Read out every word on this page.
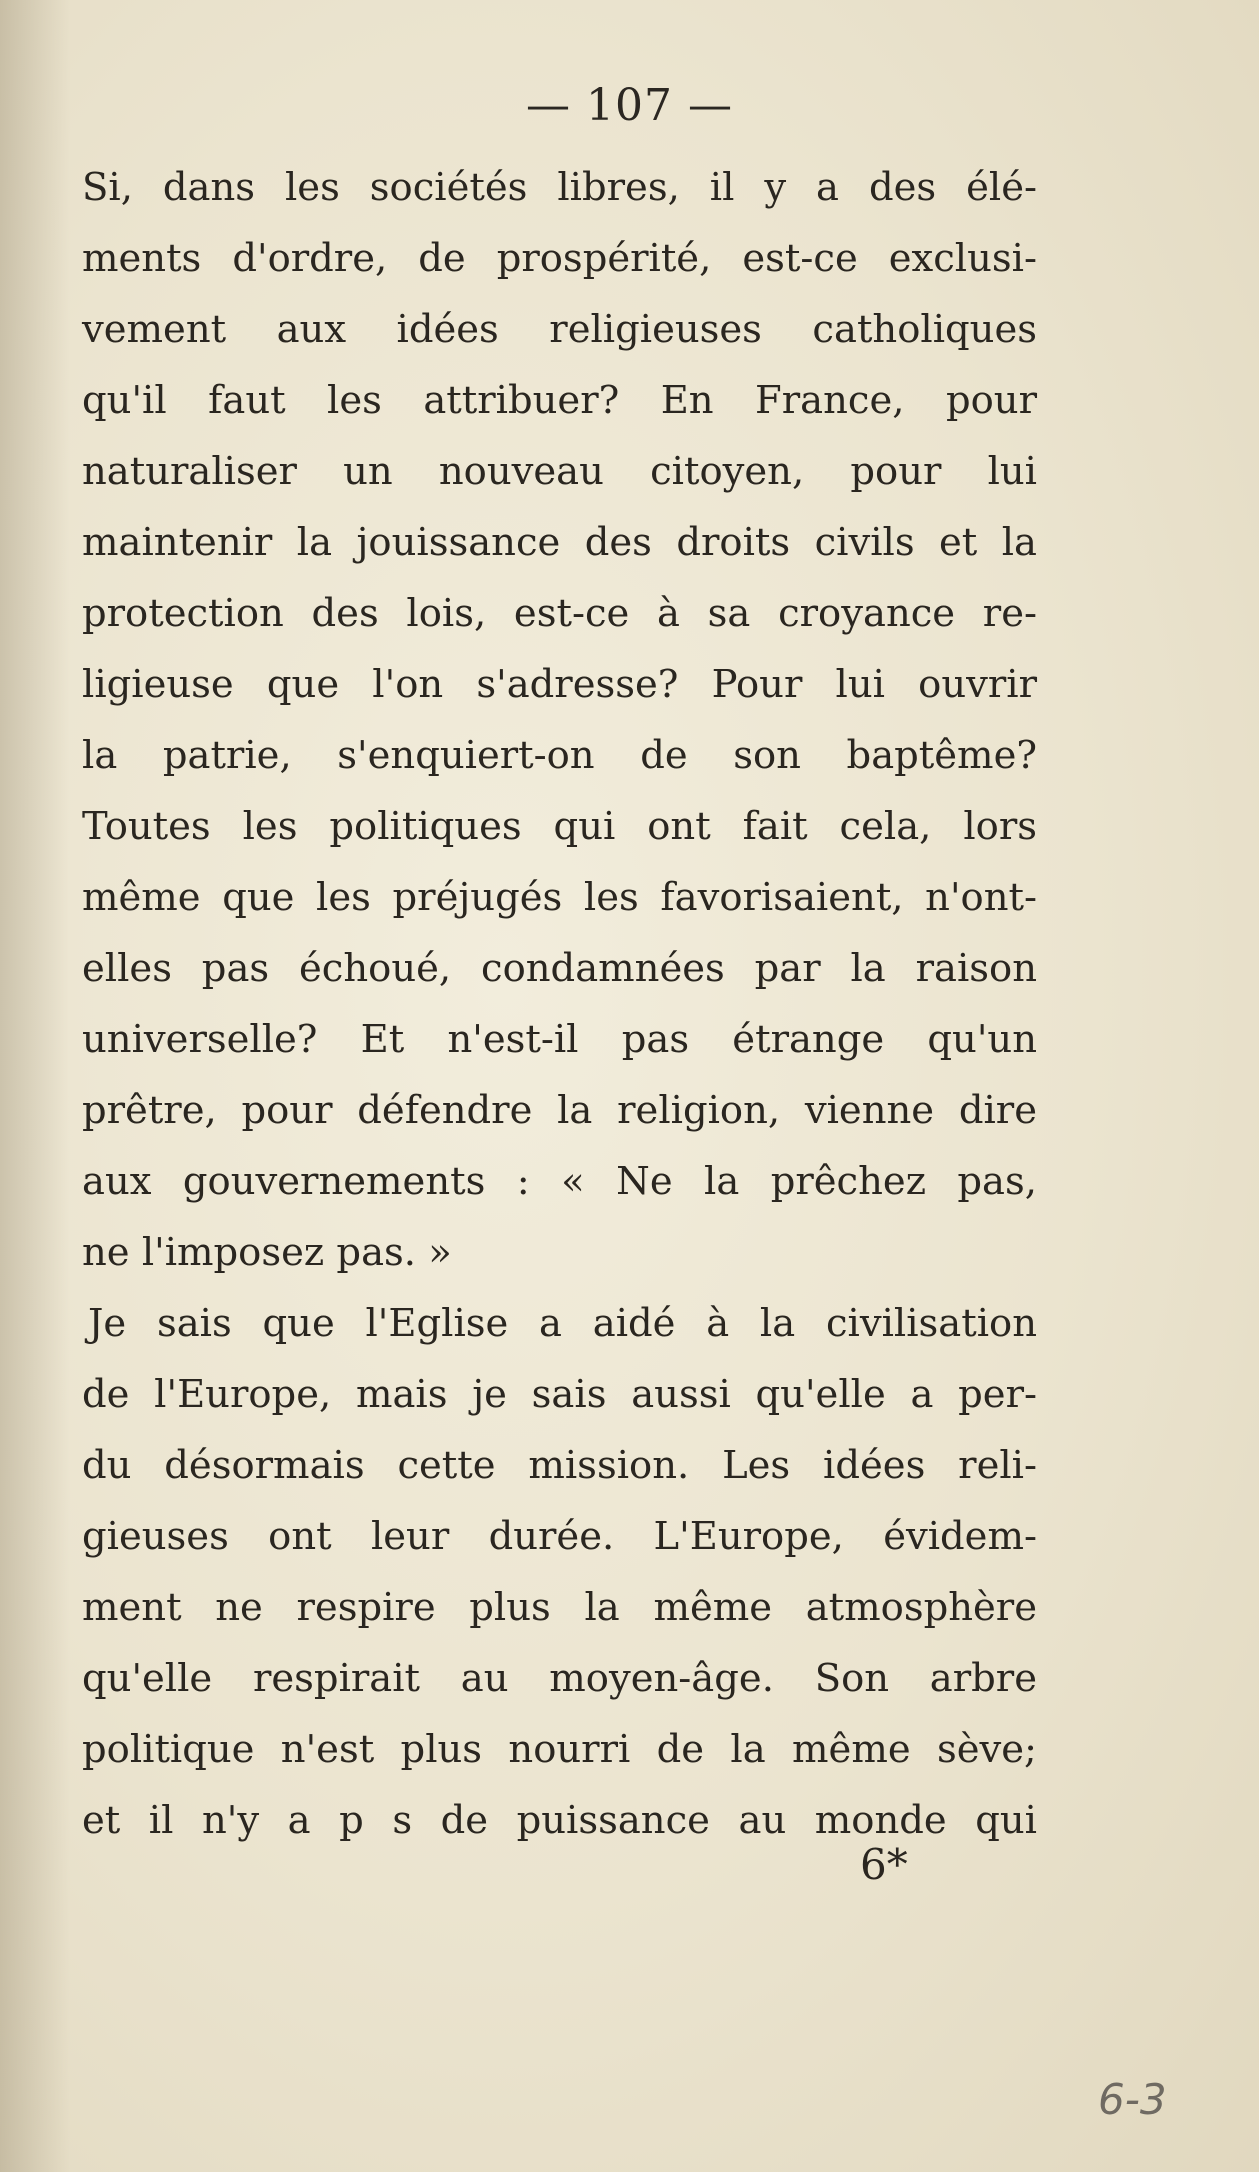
— 107 —
Si, dans les sociétés libres, il y a des élé-
ments d'ordre, de prospérité, est-ce exclusi-
vement aux idées religieuses catholiques
qu'il faut les attribuer? En France, pour
naturaliser un nouveau citoyen, pour lui
maintenir la jouissance des droits civils et la
protection des lois, est-ce à sa croyance re-
ligieuse que l'on s'adresse? Pour lui ouvrir
la patrie, s'enquiert-on de son baptême?
Toutes les politiques qui ont fait cela, lors
même que les préjugés les favorisaient, n'ont-
elles pas échoué, condamnées par la raison
universelle? Et n'est-il pas étrange qu'un
prêtre, pour défendre la religion, vienne dire
aux gouvernements : « Ne la prêchez pas,
ne l'imposez pas. »
Je sais que l'Eglise a aidé à la civilisation
de l'Europe, mais je sais aussi qu'elle a per-
du désormais cette mission. Les idées reli-
gieuses ont leur durée. L'Europe, évidem-
ment ne respire plus la même atmosphère
qu'elle respirait au moyen-âge. Son arbre
politique n'est plus nourri de la même sève;
et il n'y a p s de puissance au monde qui
6*
6-3
